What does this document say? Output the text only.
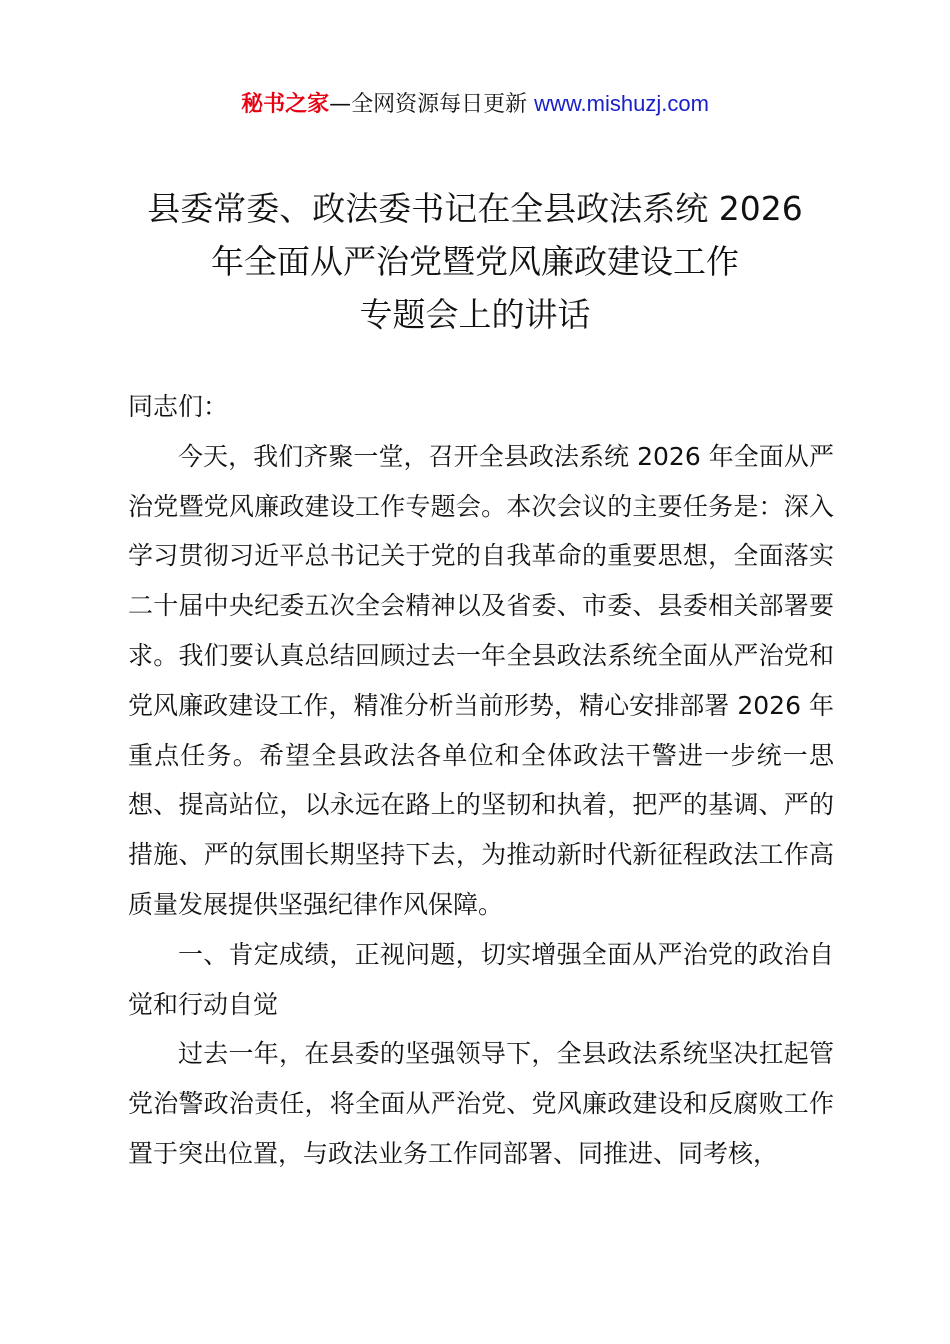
秘书之家—全网资源每日更新 www.mishuzj.com
县委常委、政法委书记在全县政法系统 2026
年全面从严治党暨党风廉政建设工作
专题会上的讲话

同志们：

今天，我们齐聚一堂，召开全县政法系统 2026 年全面从严治党暨党风廉政建设工作专题会。本次会议的主要任务是：深入学习贯彻习近平总书记关于党的自我革命的重要思想，全面落实二十届中央纪委五次全会精神以及省委、市委、县委相关部署要求。我们要认真总结回顾过去一年全县政法系统全面从严治党和党风廉政建设工作，精准分析当前形势，精心安排部署 2026 年重点任务。希望全县政法各单位和全体政法干警进一步统一思想、提高站位，以永远在路上的坚韧和执着，把严的基调、严的措施、严的氛围长期坚持下去，为推动新时代新征程政法工作高质量发展提供坚强纪律作风保障。

一、肯定成绩，正视问题，切实增强全面从严治党的政治自觉和行动自觉

过去一年，在县委的坚强领导下，全县政法系统坚决扛起管党治警政治责任，将全面从严治党、党风廉政建设和反腐败工作置于突出位置，与政法业务工作同部署、同推进、同考核，
